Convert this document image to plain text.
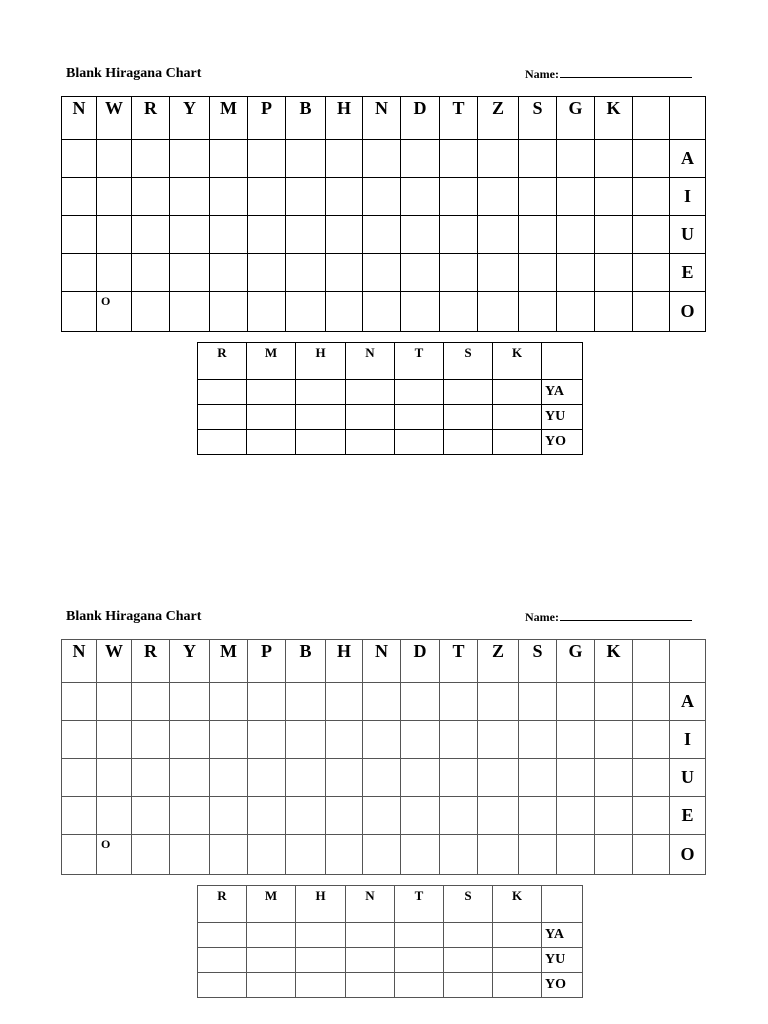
Blank Hiragana Chart	Name:
N	W	R	Y	M	P	B	H	N	D	T	Z	S	G	K		
																A
																I
																U
																E
	O															O
R	M	H	N	T	S	K	
							YA
							YU
							YO
Blank Hiragana Chart	Name:
N	W	R	Y	M	P	B	H	N	D	T	Z	S	G	K		
																A
																I
																U
																E
	O															O
R	M	H	N	T	S	K	
							YA
							YU
							YO
